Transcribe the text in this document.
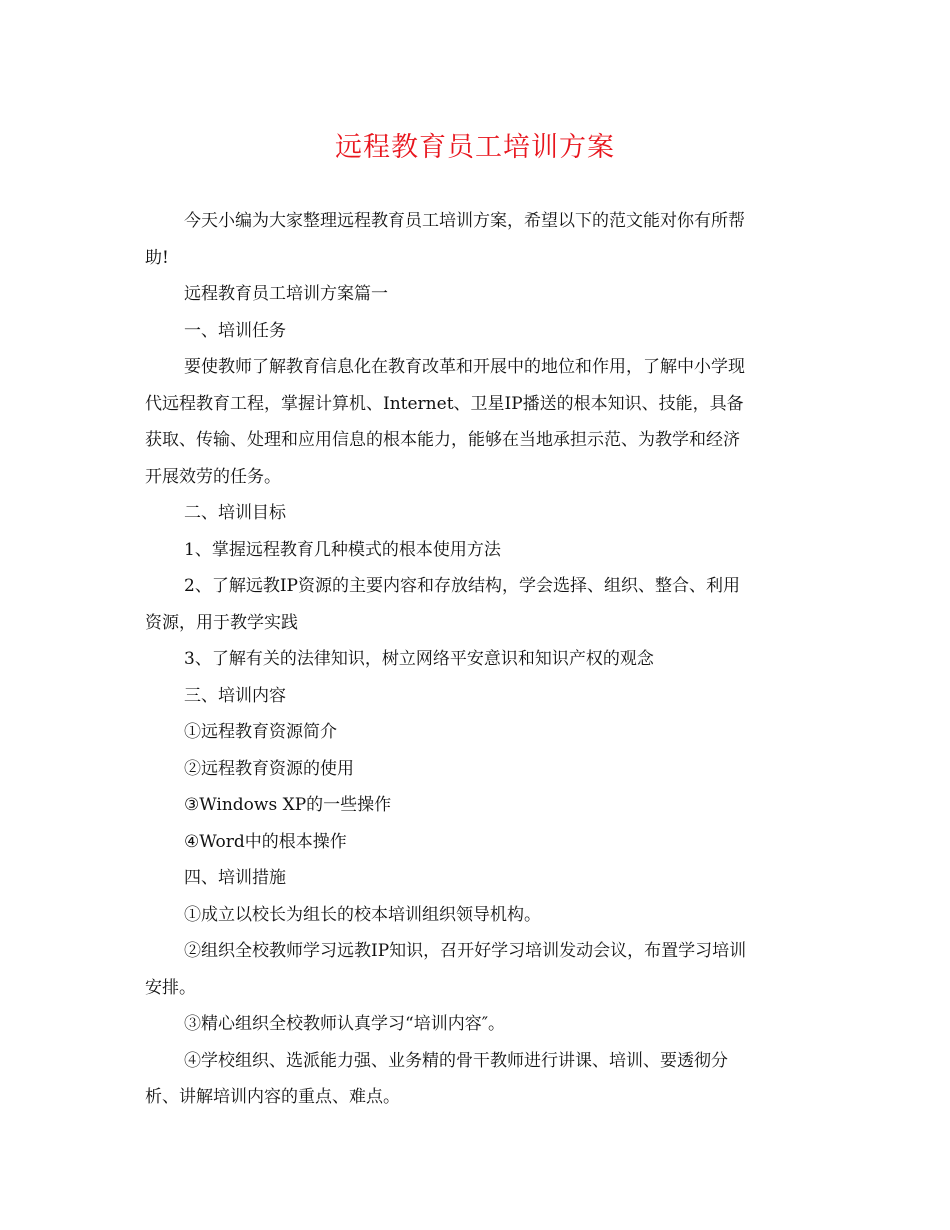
远程教育员工培训方案
今天小编为大家整理远程教育员工培训方案，希望以下的范文能对你有所帮
助!
远程教育员工培训方案篇一
一、培训任务
要使教师了解教育信息化在教育改革和开展中的地位和作用，了解中小学现
代远程教育工程，掌握计算机、Internet、卫星IP播送的根本知识、技能，具备
获取、传输、处理和应用信息的根本能力，能够在当地承担示范、为教学和经济
开展效劳的任务。
二、培训目标
1、掌握远程教育几种模式的根本使用方法
2、了解远教IP资源的主要内容和存放结构，学会选择、组织、整合、利用
资源，用于教学实践
3、了解有关的法律知识，树立网络平安意识和知识产权的观念
三、培训内容
①远程教育资源简介
②远程教育资源的使用
③Windows XP的一些操作
④Word中的根本操作
四、培训措施
①成立以校长为组长的校本培训组织领导机构。
②组织全校教师学习远教IP知识，召开好学习培训发动会议，布置学习培训
安排。
③精心组织全校教师认真学习“培训内容″。
④学校组织、选派能力强、业务精的骨干教师进行讲课、培训、要透彻分
析、讲解培训内容的重点、难点。
